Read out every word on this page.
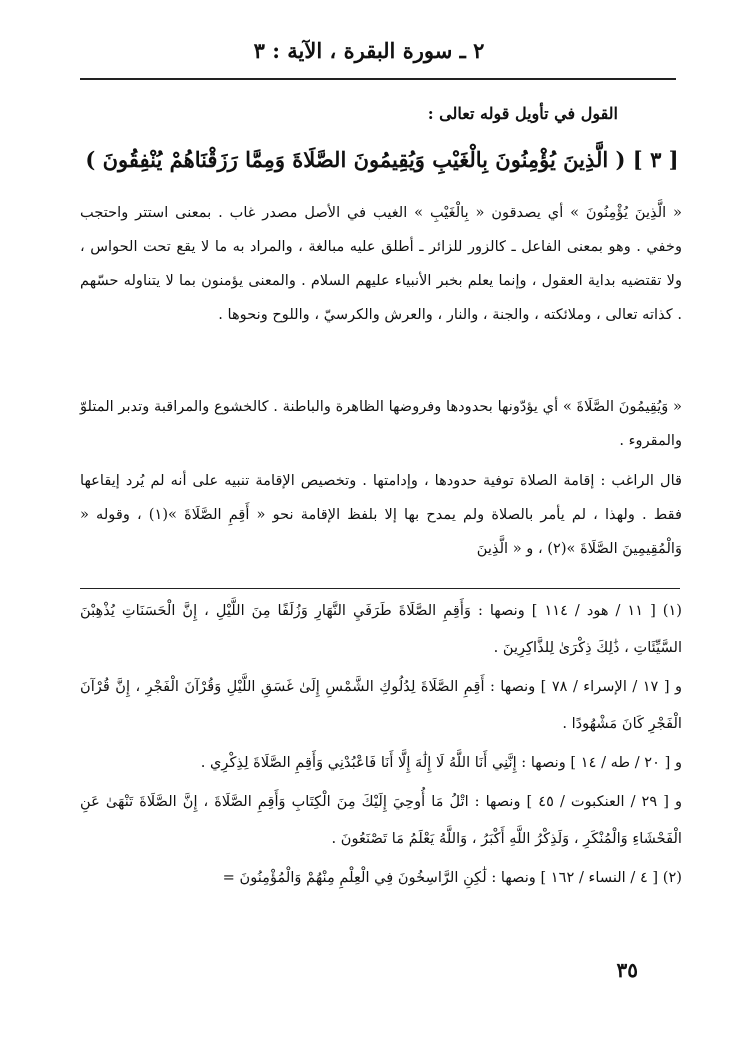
٢ ـ سورة البقرة ، الآية : ٣
القول في تأويل قوله تعالى :
[ ٣ ] ( الَّذِينَ يُؤْمِنُونَ بِالْغَيْبِ وَيُقِيمُونَ الصَّلَاةَ وَمِمَّا رَزَقْنَاهُمْ يُنْفِقُونَ )

« الَّذِينَ يُؤْمِنُونَ » أي يصدقون « بِالْغَيْبِ » الغيب في الأصل مصدر غاب . بمعنى استتر واحتجب وخفي . وهو بمعنى الفاعل ـ كالزور للزائر ـ أطلق عليه مبالغة ، والمراد به ما لا يقع تحت الحواس ، ولا تقتضيه بداية العقول ، وإنما يعلم بخبر الأنبياء عليهم السلام . والمعنى يؤمنون بما لا يتناوله حسّهم . كذاته تعالى ، وملائكته ، والجنة ، والنار ، والعرش والكرسيّ ، واللوح ونحوها .

« وَيُقِيمُونَ الصَّلَاةَ » أي يؤدّونها بحدودها وفروضها الظاهرة والباطنة . كالخشوع والمراقبة وتدبر المتلوّ والمقروء .

قال الراغب : إقامة الصلاة توفية حدودها ، وإدامتها . وتخصيص الإقامة تنبيه على أنه لم يُرد إيقاعها فقط . ولهذا ، لم يأمر بالصلاة ولم يمدح بها إلا بلفظ الإقامة نحو « أَقِمِ الصَّلَاةَ »(١) ، وقوله « وَالْمُقِيمِينَ الصَّلَاةَ »(٢) ، و « الَّذِينَ

(١) [ ١١ / هود / ١١٤ ] ونصها : وَأَقِمِ الصَّلَاةَ طَرَفَيِ النَّهَارِ وَزُلَفًا مِنَ اللَّيْلِ ، إِنَّ الْحَسَنَاتِ يُذْهِبْنَ السَّيِّئَاتِ ، ذَٰلِكَ ذِكْرَىٰ لِلذَّاكِرِينَ .

و [ ١٧ / الإسراء / ٧٨ ] ونصها : أَقِمِ الصَّلَاةَ لِدُلُوكِ الشَّمْسِ إِلَىٰ غَسَقِ اللَّيْلِ وَقُرْآنَ الْفَجْرِ ، إِنَّ قُرْآنَ الْفَجْرِ كَانَ مَشْهُودًا .

و [ ٢٠ / طه / ١٤ ] ونصها : إِنَّنِي أَنَا اللَّهُ لَا إِلَٰهَ إِلَّا أَنَا فَاعْبُدْنِي وَأَقِمِ الصَّلَاةَ لِذِكْرِي .

و [ ٢٩ / العنكبوت / ٤٥ ] ونصها : اتْلُ مَا أُوحِيَ إِلَيْكَ مِنَ الْكِتَابِ وَأَقِمِ الصَّلَاةَ ، إِنَّ الصَّلَاةَ تَنْهَىٰ عَنِ الْفَحْشَاءِ وَالْمُنْكَرِ ، وَلَذِكْرُ اللَّهِ أَكْبَرُ ، وَاللَّهُ يَعْلَمُ مَا تَصْنَعُونَ .

(٢) [ ٤ / النساء / ١٦٢ ] ونصها : لَٰكِنِ الرَّاسِخُونَ فِي الْعِلْمِ مِنْهُمْ وَالْمُؤْمِنُونَ =

٣٥
